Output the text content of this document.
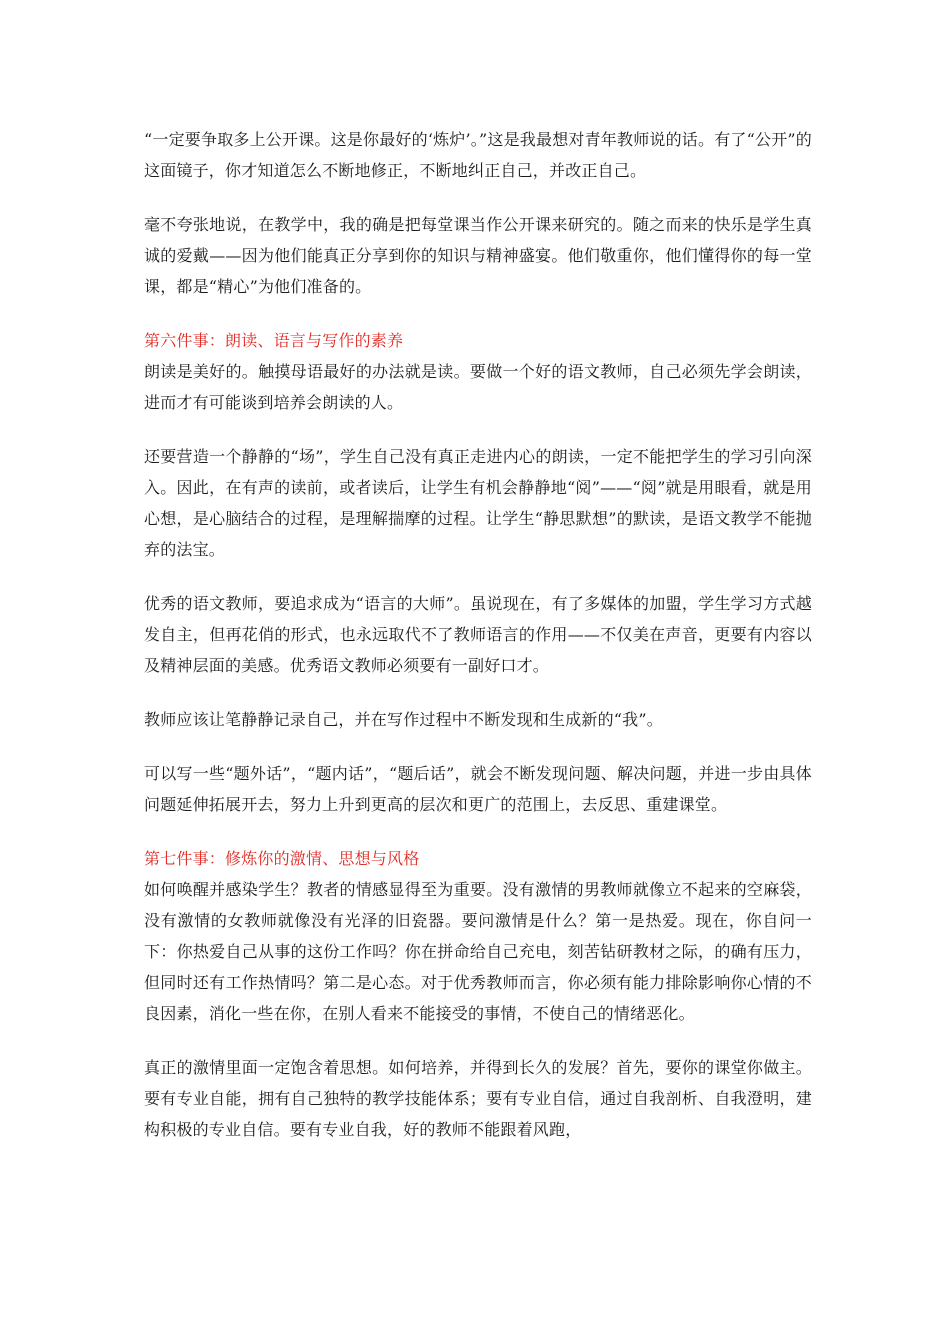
“一定要争取多上公开课。这是你最好的‘炼炉’。”这是我最想对青年教师说的话。有了“公开”的这面镜子，你才知道怎么不断地修正，不断地纠正自己，并改正自己。

毫不夸张地说，在教学中，我的确是把每堂课当作公开课来研究的。随之而来的快乐是学生真诚的爱戴——因为他们能真正分享到你的知识与精神盛宴。他们敬重你，他们懂得你的每一堂课，都是“精心”为他们准备的。

第六件事：朗读、语言与写作的素养

朗读是美好的。触摸母语最好的办法就是读。要做一个好的语文教师，自己必须先学会朗读，进而才有可能谈到培养会朗读的人。

还要营造一个静静的“场”，学生自己没有真正走进内心的朗读，一定不能把学生的学习引向深入。因此，在有声的读前，或者读后，让学生有机会静静地“阅”——“阅”就是用眼看，就是用心想，是心脑结合的过程，是理解揣摩的过程。让学生“静思默想”的默读，是语文教学不能抛弃的法宝。

优秀的语文教师，要追求成为“语言的大师”。虽说现在，有了多媒体的加盟，学生学习方式越发自主，但再花俏的形式，也永远取代不了教师语言的作用——不仅美在声音，更要有内容以及精神层面的美感。优秀语文教师必须要有一副好口才。

教师应该让笔静静记录自己，并在写作过程中不断发现和生成新的“我”。

可以写一些“题外话”，“题内话”，“题后话”，就会不断发现问题、解决问题，并进一步由具体问题延伸拓展开去，努力上升到更高的层次和更广的范围上，去反思、重建课堂。

第七件事：修炼你的激情、思想与风格

如何唤醒并感染学生？教者的情感显得至为重要。没有激情的男教师就像立不起来的空麻袋，没有激情的女教师就像没有光泽的旧瓷器。要问激情是什么？第一是热爱。现在，你自问一下：你热爱自己从事的这份工作吗？你在拼命给自己充电，刻苦钻研教材之际，的确有压力，但同时还有工作热情吗？第二是心态。对于优秀教师而言，你必须有能力排除影响你心情的不良因素，消化一些在你，在别人看来不能接受的事情，不使自己的情绪恶化。

真正的激情里面一定饱含着思想。如何培养，并得到长久的发展？首先，要你的课堂你做主。要有专业自能，拥有自己独特的教学技能体系；要有专业自信，通过自我剖析、自我澄明，建构积极的专业自信。要有专业自我，好的教师不能跟着风跑，
